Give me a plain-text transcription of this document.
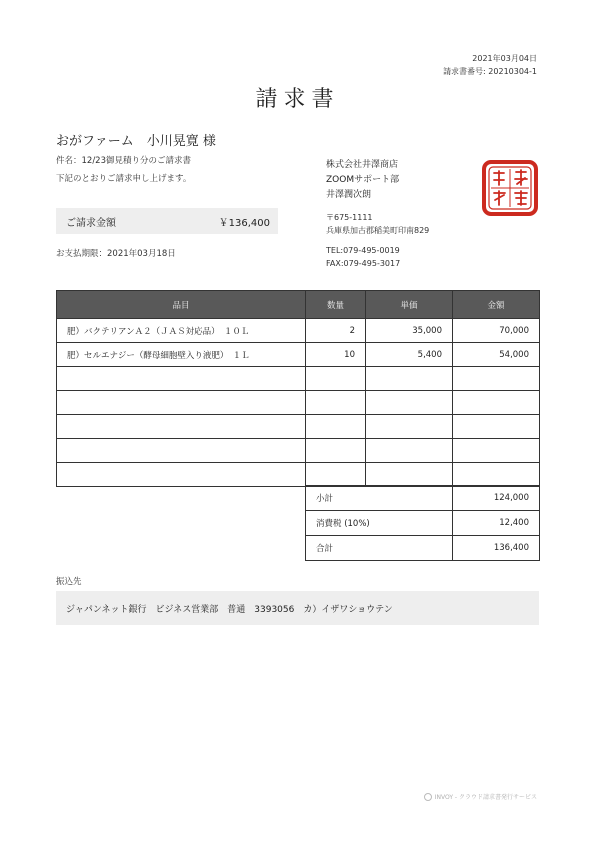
2021年03月04日
請求書番号: 20210304-1
請求書
おがファーム　小川晃寛 様
件名：12/23御見積り分のご請求書
下記のとおりご請求申し上げます。
ご請求金額	￥136,400
お支払期限：2021年03月18日
株式会社井澤商店
ZOOMサポート部
井澤潤次朗
〒675-1111
兵庫県加古郡稲美町印南829
TEL:079-495-0019
FAX:079-495-3017
品目	数量	単価	金額
肥）バクテリアンＡ２（ＪＡＳ対応品）　１０Ｌ	2	35,000	70,000
肥）セルエナジー（酵母細胞壁入り液肥）　１Ｌ	10	5,400	54,000

小計	124,000
消費税 (10%)	12,400
合計	136,400
振込先
ジャパンネット銀行　ビジネス営業部　普通　3393056　カ）イザワショウテン
INVOY - クラウド請求書発行サービス
